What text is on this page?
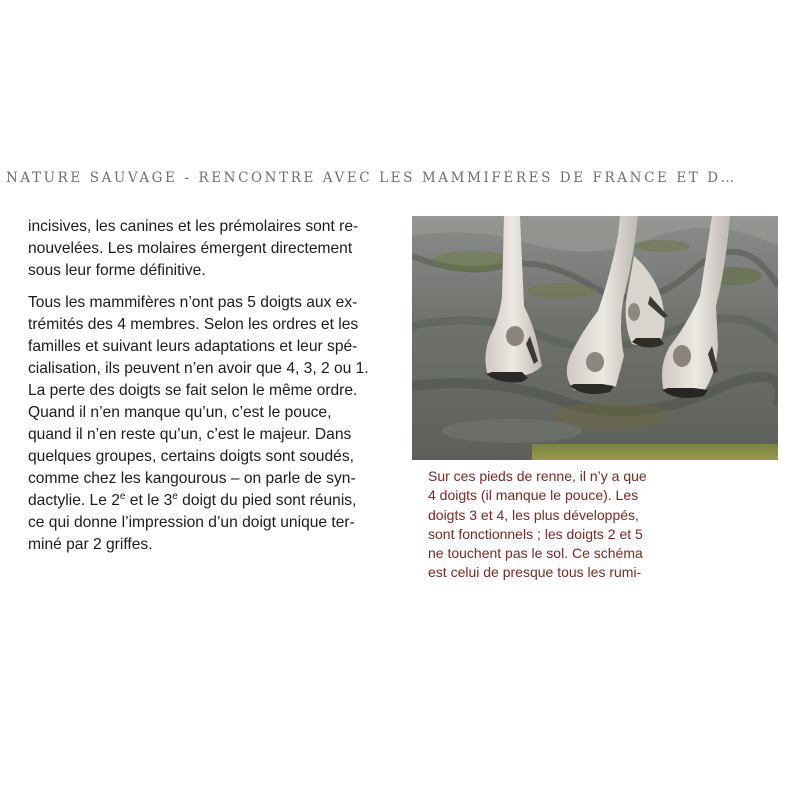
NATURE SAUVAGE - RENCONTRE AVEC LES MAMMIFÈRES DE FRANCE ET D…

incisives, les canines et les prémolaires sont re-
nouvelées. Les molaires émergent directement
sous leur forme définitive.

Tous les mammifères n’ont pas 5 doigts aux ex-
trémités des 4 membres. Selon les ordres et les
familles et suivant leurs adaptations et leur spé-
cialisation, ils peuvent n’en avoir que 4, 3, 2 ou 1.
La perte des doigts se fait selon le même ordre.
Quand il n’en manque qu’un, c’est le pouce,
quand il n’en reste qu’un, c’est le majeur. Dans
quelques groupes, certains doigts sont soudés,
comme chez les kangourous – on parle de syn-
dactylie. Le 2e et le 3e doigt du pied sont réunis,
ce qui donne l’impression d’un doigt unique ter-
miné par 2 griffes.

Sur ces pieds de renne, il n’y a que
4 doigts (il manque le pouce). Les
doigts 3 et 4, les plus développés,
sont fonctionnels ; les doigts 2 et 5
ne touchent pas le sol. Ce schéma
est celui de presque tous les rumi-
